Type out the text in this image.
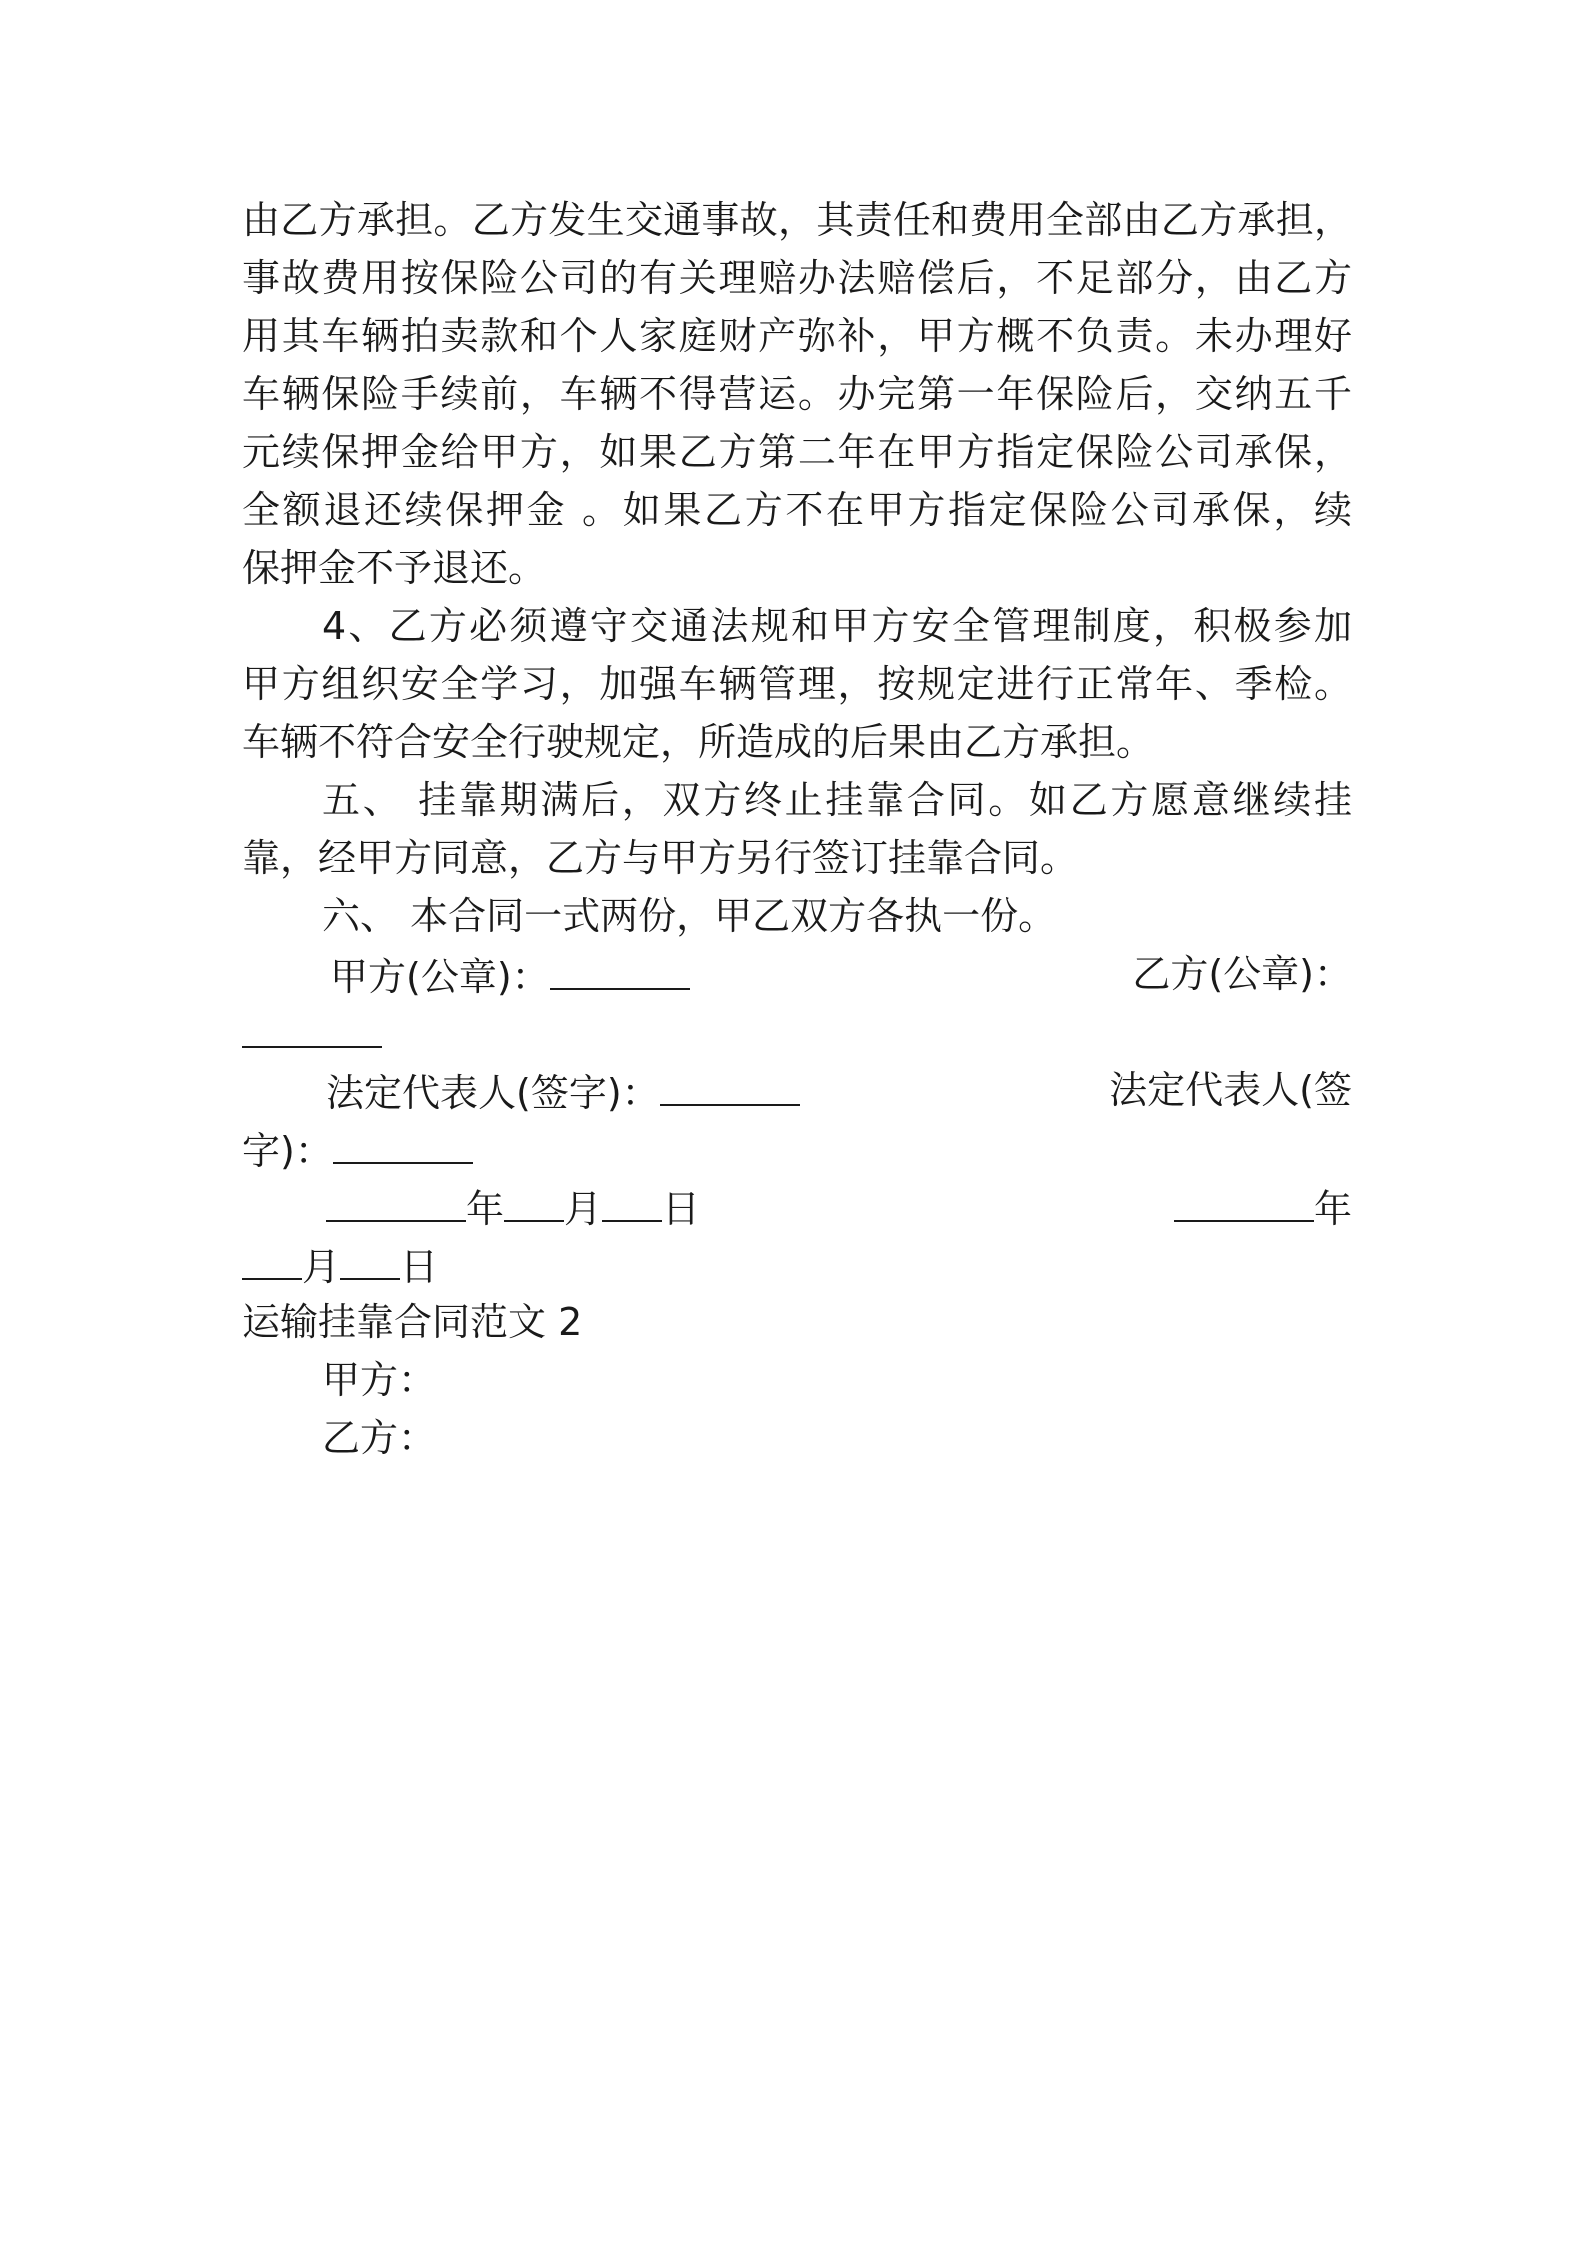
由乙方承担。乙方发生交通事故，其责任和费用全部由乙方承担，
事故费用按保险公司的有关理赔办法赔偿后，不足部分，由乙方
用其车辆拍卖款和个人家庭财产弥补，甲方概不负责。未办理好
车辆保险手续前，车辆不得营运。办完第一年保险后，交纳五千
元续保押金给甲方，如果乙方第二年在甲方指定保险公司承保，
全额退还续保押金 。如果乙方不在甲方指定保险公司承保，续
保押金不予退还。
4、乙方必须遵守交通法规和甲方安全管理制度，积极参加
甲方组织安全学习，加强车辆管理，按规定进行正常年、季检。
车辆不符合安全行驶规定，所造成的后果由乙方承担。
五、 挂靠期满后，双方终止挂靠合同。如乙方愿意继续挂
靠，经甲方同意，乙方与甲方另行签订挂靠合同。
六、 本合同一式两份，甲乙双方各执一份。
甲方(公章)：	乙方(公章)：
法定代表人(签字)：	法定代表人(签
字)：
年 月 日	年
月 日
运输挂靠合同范文 2
甲方：
乙方：
